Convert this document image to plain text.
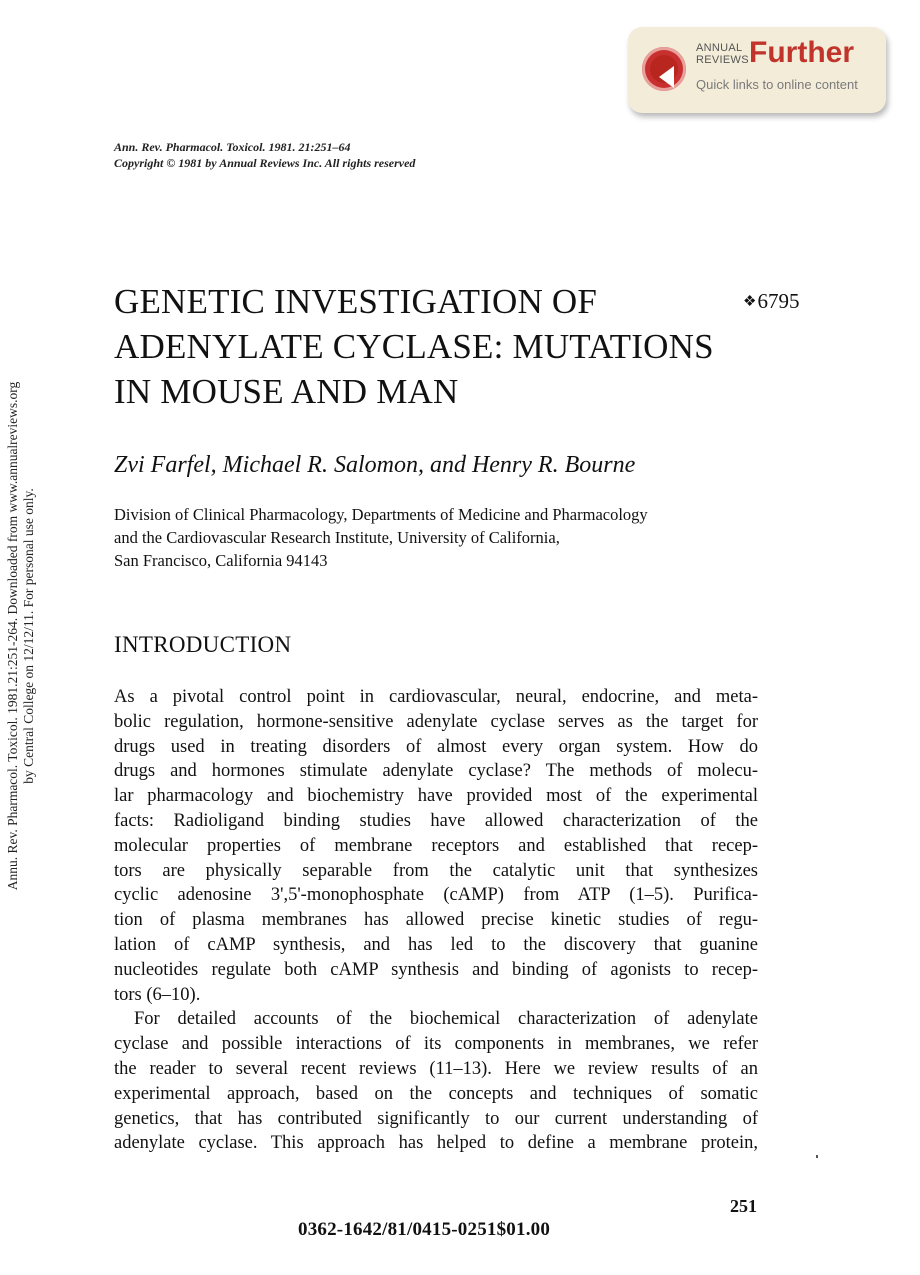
ANNUAL
REVIEWS Further
Quick links to online content
Ann. Rev. Pharmacol. Toxicol. 1981. 21:251–64
Copyright © 1981 by Annual Reviews Inc. All rights reserved
Annu. Rev. Pharmacol. Toxicol. 1981.21:251-264. Downloaded from www.annualreviews.org by Central College on 12/12/11. For personal use only.
GENETIC INVESTIGATION OF
ADENYLATE CYCLASE: MUTATIONS
IN MOUSE AND MAN
❖6795
Zvi Farfel, Michael R. Salomon, and Henry R. Bourne
Division of Clinical Pharmacology, Departments of Medicine and Pharmacology
and the Cardiovascular Research Institute, University of California,
San Francisco, California 94143
INTRODUCTION
As a pivotal control point in cardiovascular, neural, endocrine, and meta-
bolic regulation, hormone-sensitive adenylate cyclase serves as the target for
drugs used in treating disorders of almost every organ system. How do
drugs and hormones stimulate adenylate cyclase? The methods of molecu-
lar pharmacology and biochemistry have provided most of the experimental
facts: Radioligand binding studies have allowed characterization of the
molecular properties of membrane receptors and established that recep-
tors are physically separable from the catalytic unit that synthesizes
cyclic adenosine 3',5'-monophosphate (cAMP) from ATP (1–5). Purifica-
tion of plasma membranes has allowed precise kinetic studies of regu-
lation of cAMP synthesis, and has led to the discovery that guanine
nucleotides regulate both cAMP synthesis and binding of agonists to recep-
tors (6–10).
For detailed accounts of the biochemical characterization of adenylate
cyclase and possible interactions of its components in membranes, we refer
the reader to several recent reviews (11–13). Here we review results of an
experimental approach, based on the concepts and techniques of somatic
genetics, that has contributed significantly to our current understanding of
adenylate cyclase. This approach has helped to define a membrane protein,
251
0362-1642/81/0415-0251$01.00
